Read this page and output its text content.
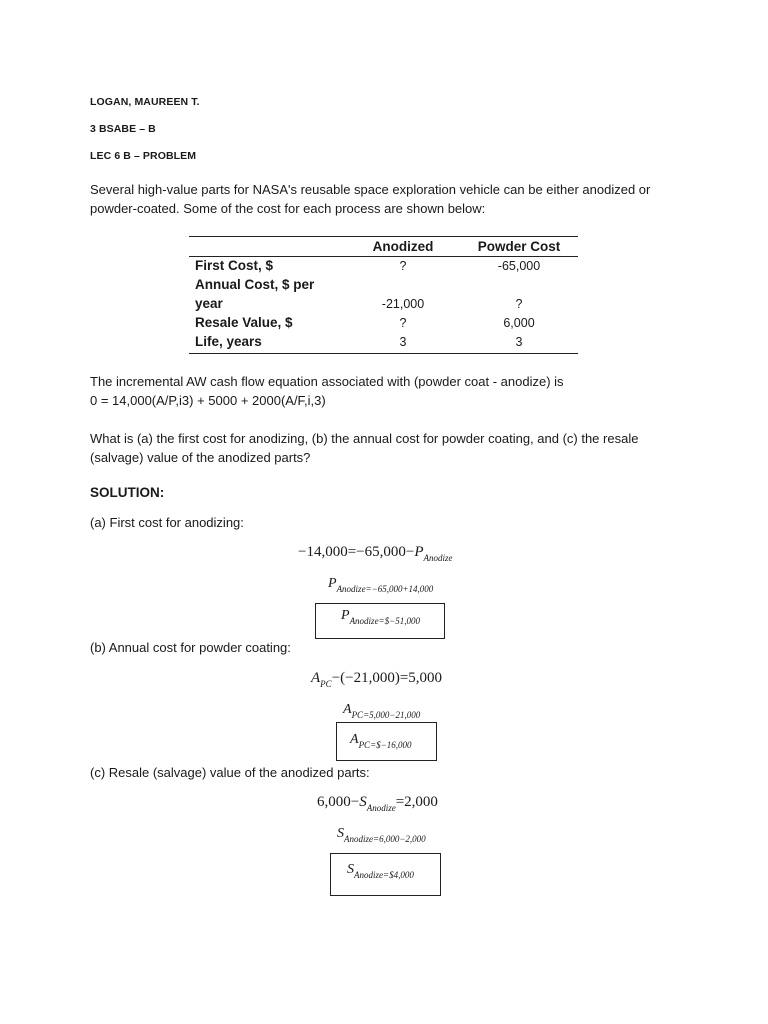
LOGAN, MAUREEN T.
3 BSABE – B
LEC 6 B – PROBLEM
Several high-value parts for NASA's reusable space exploration vehicle can be either anodized or powder-coated. Some of the cost for each process are shown below:
Anodized	Powder Cost
First Cost, $	?	-65,000
Annual Cost, $ per
year	-21,000	?
Resale Value, $	?	6,000
Life, years	3	3
The incremental AW cash flow equation associated with (powder coat - anodize) is
0 = 14,000(A/P,i3) + 5000 + 2000(A/F,i,3)
What is (a) the first cost for anodizing, (b) the annual cost for powder coating, and (c) the resale (salvage) value of the anodized parts?
SOLUTION:
(a) First cost for anodizing:
$-14,000=-65,000-P_{Anodize}$
$P_{Anodize=-65,000+14,000}$
$P_{Anodize=\$-51,000}$
(b) Annual cost for powder coating:
$A_{PC}-(-21,000)=5,000$
$A_{PC=5,000-21,000}$
$A_{PC=\$-16,000}$
(c) Resale (salvage) value of the anodized parts:
$6,000-S_{Anodize}=2,000$
$S_{Anodize=6,000-2,000}$
$S_{Anodize=\$4,000}$
